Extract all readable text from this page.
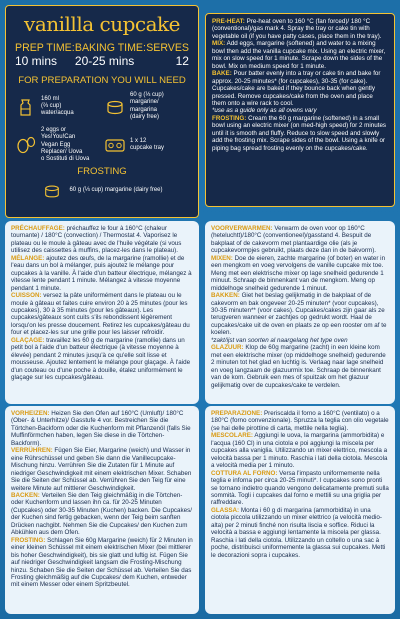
vanillla cupcake
PREP TIME:
10 mins
BAKING TIME:
20-25 mins
SERVES
12
FOR PREPARATION YOU WILL NEED
160 ml
(⅔ cup)
water/acqua
60 g (⅓ cup)
margarine/
margarina
(dairy free)
2 eggs or
Yes!You!Can
Vegan Egg
Replacer/ Uova
o Sostituti di Uova
1 x 12
cupcake tray
FROSTING
60 g (⅓ cup) margarine (dairy free)

PRE-HEAT: Pre-heat oven to 160 °C (fan forced)/ 180 °C (conventional)/gas mark 4. Spray the tray or cake tin with vegetable oil (if you have patty cases, place them in the tray).

MIX: Add eggs, margarine (softened) and water to a mixing bowl then add the vanilla cupcake mix. Using an electric mixer, mix on slow speed for 1 minute. Scrape down the sides of the bowl. Mix on medium speed for 1 minute.

BAKE: Pour batter evenly into a tray or cake tin and bake for approx. 20-25 minutes* (for cupcakes), 30-35 (for cake). Cupcakes/cake are baked if they bounce back when gently pressed. Remove cupcakes/cake from the oven and place them onto a wire rack to cool.

*use as a guide only as all ovens vary

FROSTING: Cream the 60 g margarine (softened) in a small bowl using an electric mixer (on med-high speed) for 2 minutes until it is smooth and fluffy. Reduce to slow speed and slowly add the frosting mix. Scrape sides of the bowl. Using a knife or piping bag spread frosting evenly on the cupcakes/cake.

PRÉCHAUFFAGE: préchauffez le four à 160°C (chaleur tournante) / 180°C (convection) / Thermostat 4. Vaporisez le plateau ou le moule à gâteau avec de l'huile végétale (si vous utilisez des caissettes à muffins, placez-les dans le plateau).

MÉLANGE: ajoutez des œufs, de la margarine (ramollie) et de l'eau dans un bol à mélanger, puis ajoutez le mélange pour cupcakes à la vanille. À l'aide d'un batteur électrique, mélangez à vitesse lente pendant 1 minute. Mélangez à vitesse moyenne pendant 1 minute.

CUISSON: versez la pâte uniformément dans le plateau ou le moule à gâteau et faites cuire environ 20 à 25 minutes (pour les cupcakes), 30 à 35 minutes (pour les gâteaux). Les cupcakes/gâteaux sont cuits s'ils rebondissent légèrement lorsqu'on les presse doucement. Retirez les cupcakes/gâteau du four et placez-les sur une grille pour les laisser refroidir.

GLAÇAGE: travaillez les 60 g de margarine (ramollie) dans un petit bol à l'aide d'un batteur électrique (à vitesse moyenne à élevée) pendant 2 minutes jusqu'à ce qu'elle soit lisse et mousseuse. Ajoutez lentement le mélange pour glaçage. À l'aide d'un couteau ou d'une poche à douille, étalez uniformément le glaçage sur les cupcakes/gâteau.

VOORVERWARMEN: Verwarm de oven voor op 160°C (heteluchtt)/180°C (conventioneel)/gasstand 4. Bespuit de bakplaat of de cakevorm met plantaardige olie (als je cupcakevormpjes gebruikt, plaats deze dan in de bakvorm).

MIXEN: Doe de eieren, zachte margarine (of boter) en water in een mengkom en voeg vervolgens de vanille cupcake mix toe. Meng met een elektrische mixer op lage snelheid gedurende 1 minuut. Schraap de binnenkant van de mengkom. Meng op middelhoge snelheid gedurende 1 minuut.

BAKKEN: Giet het beslag gelijkmatig in de bakplaat of de cakevorm en bak ongeveer 20-25 minuten* (voor cupcakes), 30-35 minuten** (voor cakes). Cupcakes/cakes zijn gaar als ze terugveren wanneer er zachtjes op gedrukt wordt. Haal de cupcakes/cake uit de oven en plaats ze op een rooster om af te koelen.

*zakt/ijst van soorten al naargelang het type oven

GLAZUUR: Klop de 60g margarine (zacht) in een kleine kom met een elektrische mixer (op middelhoge snelheid) gedurende 2 minuten tot het glad en luchtig is. Verlaag naar lage snelheid en voeg langzaam de glazuurmix toe. Schraap de binnenkant van de kom. Gebruik een mes of spuitzak om het glazuur gelijkmatig over de cupcakes/cake te verdelen.

VORHEIZEN: Heizen Sie den Ofen auf 160°C (Umluft)/ 180°C (Ober- & Unterhitze)/ Gasstufe 4 vor. Bestreichen Sie die Törtchen-Backform oder die Kuchenform mit Pflanzenöl (falls Sie Muffinförmchen haben, legen Sie diese in die Törtchen-Backform).

VERRÜHREN: Fügen Sie Eier, Margarine (weich) und Wasser in eine Rührschüssel und geben Sie dann die Vanillecupcake-Mischung hinzu. Verrühren Sie die Zutaten für 1 Minute auf niedriger Geschwindigkeit mit einem elektrischen Mixer. Schaben Sie die Seiten der Schüssel ab. Verrühren Sie den Teig für eine weitere Minute auf mittlerer Geschwindigkeit.

BACKEN: Verteilen Sie den Teig gleichmäßig in die Törtchen- oder Kuchenform und lassen ihn ca. für 20-25 Minuten (Cupcakes) oder 30-35 Minuten (Kuchen) backen. Die Cupcakes/ der Kuchen sind fertig gebacken, wenn der Teig beim sanften Drücken nachgibt. Nehmen Sie die Cupcakes/ den Kuchen zum Abkühlen aus dem Ofen.

FROSTING: Schlagen Sie 60g Margarine (weich) für 2 Minuten in einer kleinen Schüssel mit einem elektrischen Mixer (bei mittlerer bis hoher Geschwindigkeit), bis sie glatt und luftig ist. Fügen Sie auf niedriger Geschwindigkeit langsam die Frosting-Mischung hinzu. Schaben Sie die Seiten der Schüssel ab. Verteilen Sie das Frosting gleichmäßig auf die Cupcakes/ dem Kuchen, entweder mit einem Messer oder einem Spritzbeutel.

PREPARAZIONE: Preriscalda il forno a 160°C (ventilato) o a 180°C (forno convenzionale). Spruzza la teglia con olio vegetale (se hai delle pirottine di carta, mettile nella teglia).

MESCOLARE: Aggiungi le uova, la margarina (ammorbidita) e l'acqua (160 Cl) in una ciotola e poi aggiungi la miscela per cupcakes alla vaniglia. Utilizzando un mixer elettrico, mescola a velocità bassa per 1 minuto. Raschia i lati della ciotola. Mescola a velocità media per 1 minuto.

COTTURA AL FORNO: Versa l'impasto uniformemente nella teglia e inforna per circa 20-25 minuti*. I cupcakes sono pronti se tornano indietro quando vengono delicatamente premuti sulla sommità. Togli i cupcakes dal forno e mettili su una griglia per raffreddare.

GLASSA: Monta i 60 g di margarina (ammorbidita) in una ciotola piccola utilizzando un mixer elettrico (a velocità medio-alta) per 2 minuti finché non risulta liscia e soffice. Riduci la velocità a bassa e aggiungi lentamente la miscela per glassa. Raschia i lati della ciotola. Utilizzando un coltello o una sac à poche, distribuisci uniformemente la glassa sui cupcakes. Metti le decorazioni sopra i cupcakes.
